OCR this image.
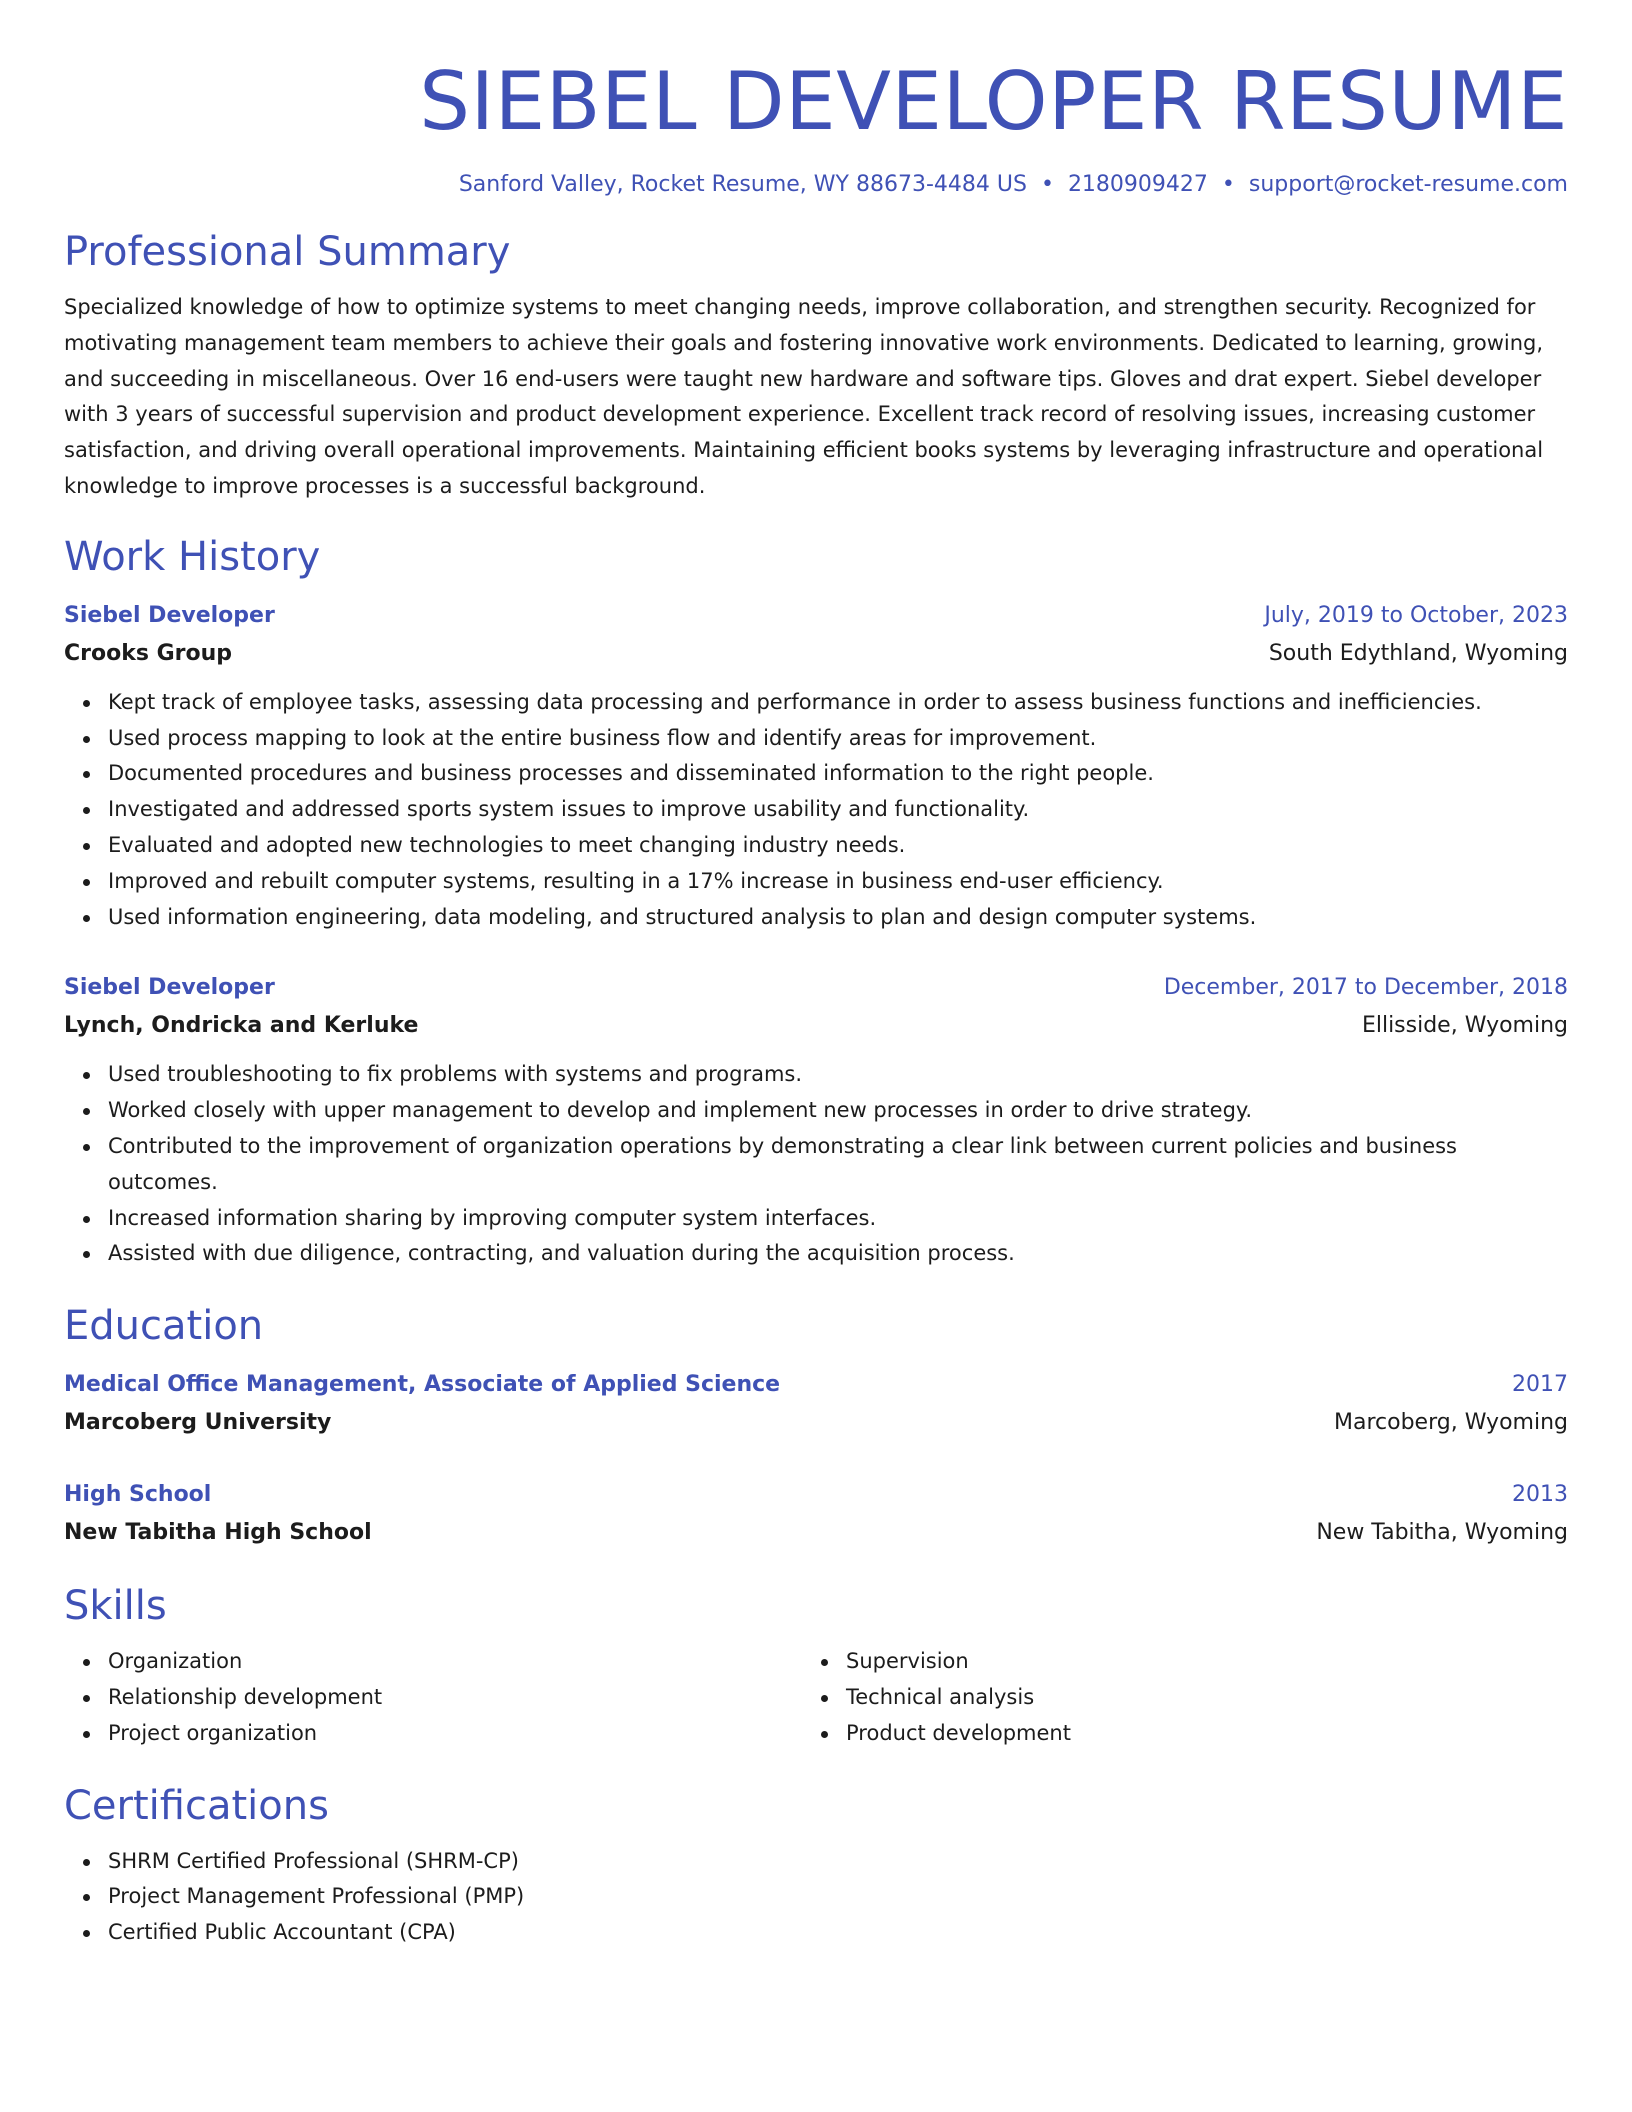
SIEBEL DEVELOPER RESUME
Sanford Valley, Rocket Resume, WY 88673-4484 US • 2180909427 • support@rocket-resume.com
Professional Summary
Specialized knowledge of how to optimize systems to meet changing needs, improve collaboration, and strengthen security. Recognized for motivating management team members to achieve their goals and fostering innovative work environments. Dedicated to learning, growing, and succeeding in miscellaneous. Over 16 end-users were taught new hardware and software tips. Gloves and drat expert. Siebel developer with 3 years of successful supervision and product development experience. Excellent track record of resolving issues, increasing customer satisfaction, and driving overall operational improvements. Maintaining efficient books systems by leveraging infrastructure and operational knowledge to improve processes is a successful background.
Work History
Siebel Developer	July, 2019 to October, 2023
Crooks Group	South Edythland, Wyoming
Kept track of employee tasks, assessing data processing and performance in order to assess business functions and inefficiencies.
Used process mapping to look at the entire business flow and identify areas for improvement.
Documented procedures and business processes and disseminated information to the right people.
Investigated and addressed sports system issues to improve usability and functionality.
Evaluated and adopted new technologies to meet changing industry needs.
Improved and rebuilt computer systems, resulting in a 17% increase in business end-user efficiency.
Used information engineering, data modeling, and structured analysis to plan and design computer systems.
Siebel Developer	December, 2017 to December, 2018
Lynch, Ondricka and Kerluke	Ellisside, Wyoming
Used troubleshooting to fix problems with systems and programs.
Worked closely with upper management to develop and implement new processes in order to drive strategy.
Contributed to the improvement of organization operations by demonstrating a clear link between current policies and business outcomes.
Increased information sharing by improving computer system interfaces.
Assisted with due diligence, contracting, and valuation during the acquisition process.
Education
Medical Office Management, Associate of Applied Science	2017
Marcoberg University	Marcoberg, Wyoming
High School	2013
New Tabitha High School	New Tabitha, Wyoming
Skills
Organization
Relationship development
Project organization
Supervision
Technical analysis
Product development
Certifications
SHRM Certified Professional (SHRM-CP)
Project Management Professional (PMP)
Certified Public Accountant (CPA)
